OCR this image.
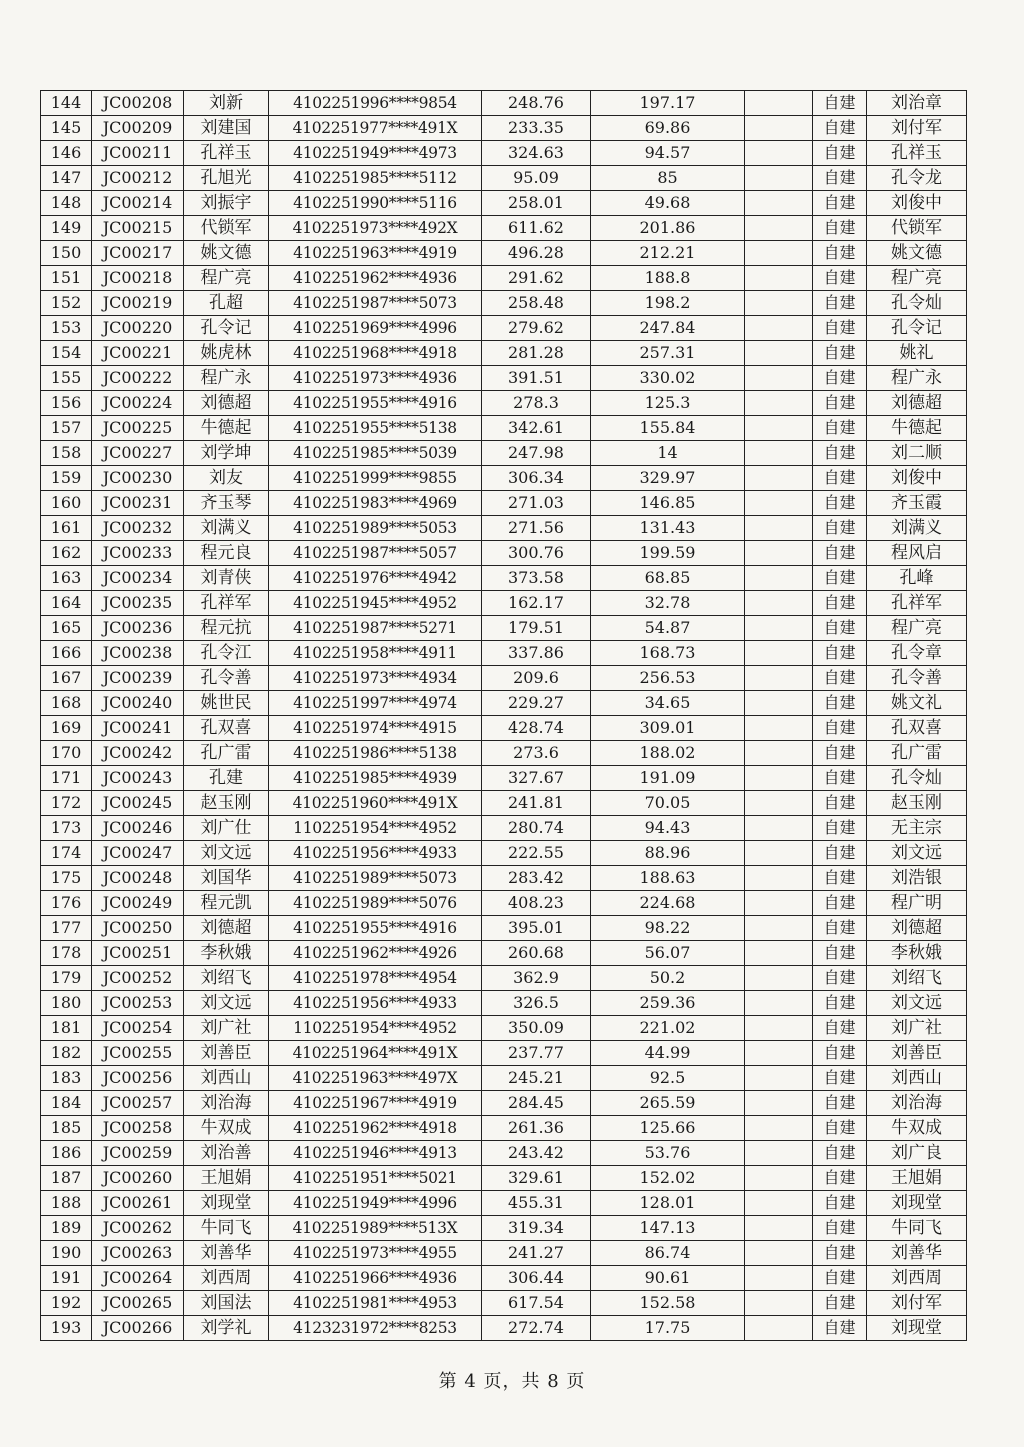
144	JC00208	刘新	4102251996****9854	248.76	197.17		自建	刘治章
145	JC00209	刘建国	4102251977****491X	233.35	69.86		自建	刘付军
146	JC00211	孔祥玉	4102251949****4973	324.63	94.57		自建	孔祥玉
147	JC00212	孔旭光	4102251985****5112	95.09	85		自建	孔令龙
148	JC00214	刘振宇	4102251990****5116	258.01	49.68		自建	刘俊中
149	JC00215	代锁军	4102251973****492X	611.62	201.86		自建	代锁军
150	JC00217	姚文德	4102251963****4919	496.28	212.21		自建	姚文德
151	JC00218	程广亮	4102251962****4936	291.62	188.8		自建	程广亮
152	JC00219	孔超	4102251987****5073	258.48	198.2		自建	孔令灿
153	JC00220	孔令记	4102251969****4996	279.62	247.84		自建	孔令记
154	JC00221	姚虎林	4102251968****4918	281.28	257.31		自建	姚礼
155	JC00222	程广永	4102251973****4936	391.51	330.02		自建	程广永
156	JC00224	刘德超	4102251955****4916	278.3	125.3		自建	刘德超
157	JC00225	牛德起	4102251955****5138	342.61	155.84		自建	牛德起
158	JC00227	刘学坤	4102251985****5039	247.98	14		自建	刘二顺
159	JC00230	刘友	4102251999****9855	306.34	329.97		自建	刘俊中
160	JC00231	齐玉琴	4102251983****4969	271.03	146.85		自建	齐玉霞
161	JC00232	刘满义	4102251989****5053	271.56	131.43		自建	刘满义
162	JC00233	程元良	4102251987****5057	300.76	199.59		自建	程风启
163	JC00234	刘青侠	4102251976****4942	373.58	68.85		自建	孔峰
164	JC00235	孔祥军	4102251945****4952	162.17	32.78		自建	孔祥军
165	JC00236	程元抗	4102251987****5271	179.51	54.87		自建	程广亮
166	JC00238	孔令江	4102251958****4911	337.86	168.73		自建	孔令章
167	JC00239	孔令善	4102251973****4934	209.6	256.53		自建	孔令善
168	JC00240	姚世民	4102251997****4974	229.27	34.65		自建	姚文礼
169	JC00241	孔双喜	4102251974****4915	428.74	309.01		自建	孔双喜
170	JC00242	孔广雷	4102251986****5138	273.6	188.02		自建	孔广雷
171	JC00243	孔建	4102251985****4939	327.67	191.09		自建	孔令灿
172	JC00245	赵玉刚	4102251960****491X	241.81	70.05		自建	赵玉刚
173	JC00246	刘广仕	1102251954****4952	280.74	94.43		自建	无主宗
174	JC00247	刘文远	4102251956****4933	222.55	88.96		自建	刘文远
175	JC00248	刘国华	4102251989****5073	283.42	188.63		自建	刘浩银
176	JC00249	程元凯	4102251989****5076	408.23	224.68		自建	程广明
177	JC00250	刘德超	4102251955****4916	395.01	98.22		自建	刘德超
178	JC00251	李秋娥	4102251962****4926	260.68	56.07		自建	李秋娥
179	JC00252	刘绍飞	4102251978****4954	362.9	50.2		自建	刘绍飞
180	JC00253	刘文远	4102251956****4933	326.5	259.36		自建	刘文远
181	JC00254	刘广社	1102251954****4952	350.09	221.02		自建	刘广社
182	JC00255	刘善臣	4102251964****491X	237.77	44.99		自建	刘善臣
183	JC00256	刘西山	4102251963****497X	245.21	92.5		自建	刘西山
184	JC00257	刘治海	4102251967****4919	284.45	265.59		自建	刘治海
185	JC00258	牛双成	4102251962****4918	261.36	125.66		自建	牛双成
186	JC00259	刘治善	4102251946****4913	243.42	53.76		自建	刘广良
187	JC00260	王旭娟	4102251951****5021	329.61	152.02		自建	王旭娟
188	JC00261	刘现堂	4102251949****4996	455.31	128.01		自建	刘现堂
189	JC00262	牛同飞	4102251989****513X	319.34	147.13		自建	牛同飞
190	JC00263	刘善华	4102251973****4955	241.27	86.74		自建	刘善华
191	JC00264	刘西周	4102251966****4936	306.44	90.61		自建	刘西周
192	JC00265	刘国法	4102251981****4953	617.54	152.58		自建	刘付军
193	JC00266	刘学礼	4123231972****8253	272.74	17.75		自建	刘现堂
第 4 页，共 8 页
